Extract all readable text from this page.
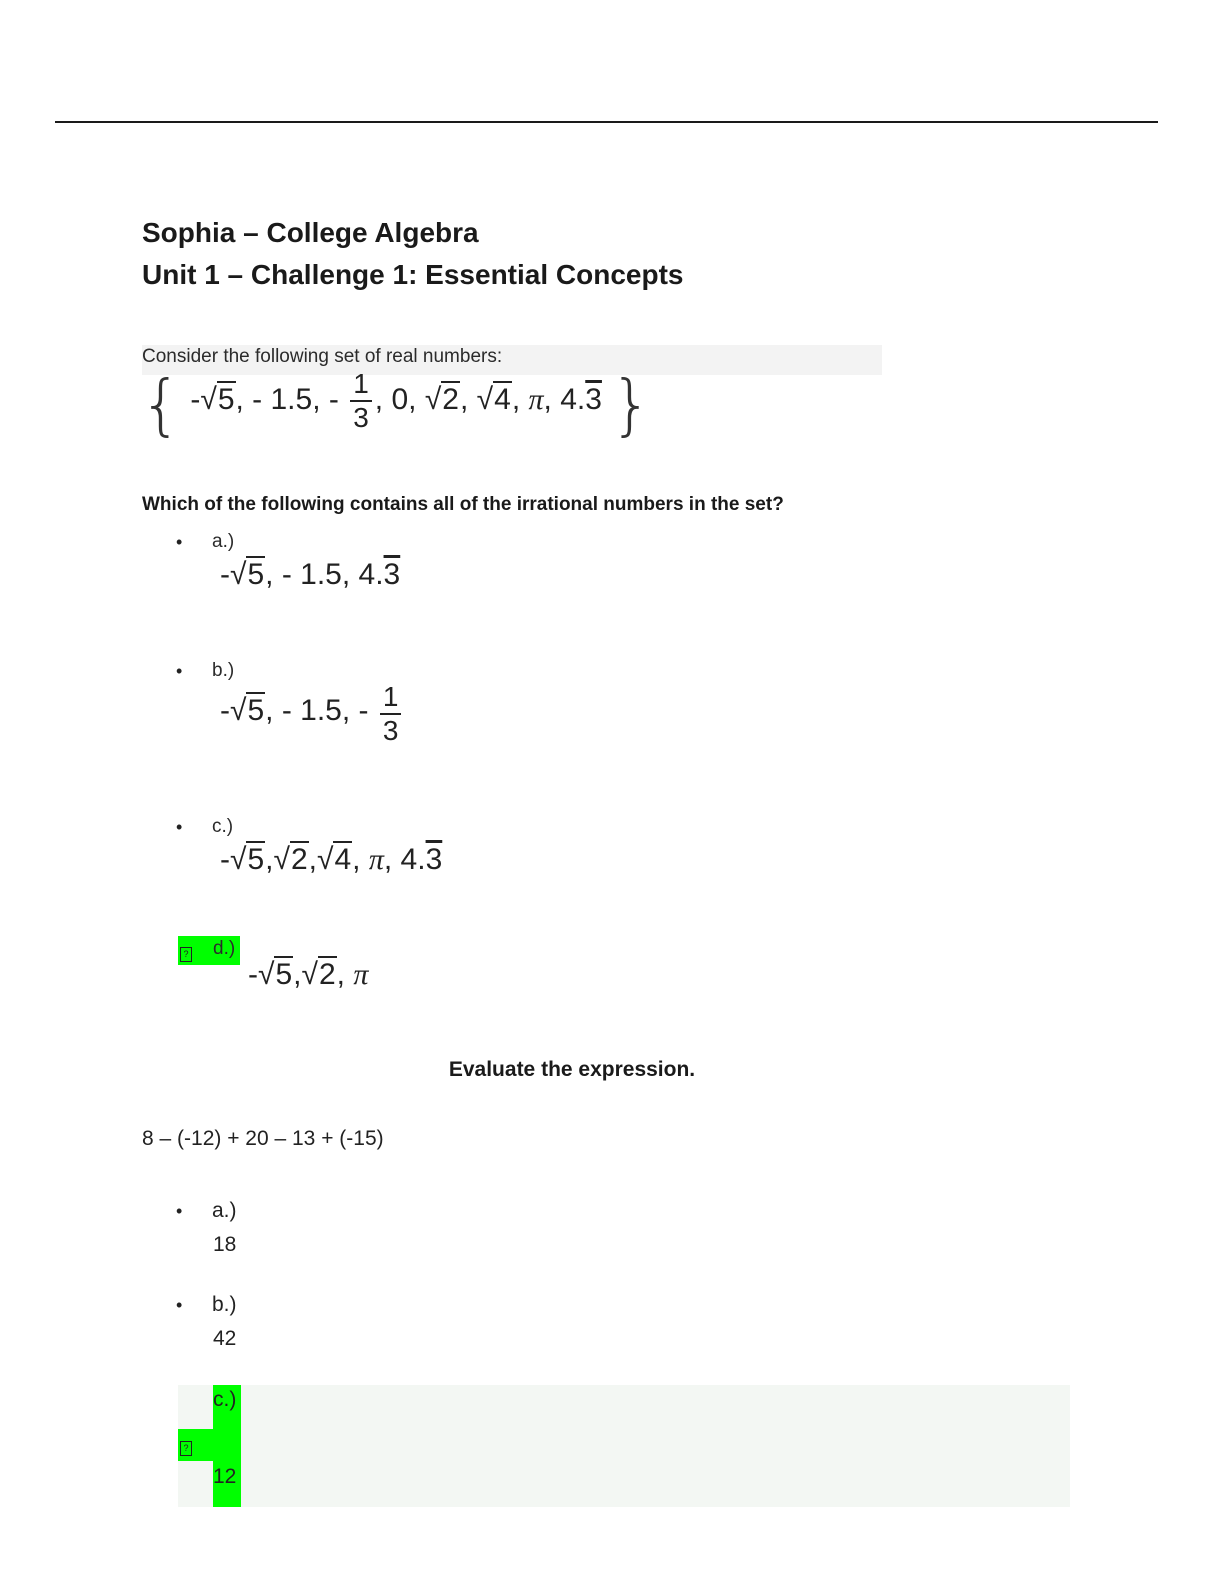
Sophia – College Algebra
Unit 1 – Challenge 1: Essential Concepts
Consider the following set of real numbers:
{ -√5, - 1.5, - $\frac{1}{3}$ , 0, √2, √4, π, 4.3 }
Which of the following contains all of the irrational numbers in the set?
• a.)
-√5, - 1.5, 4.3
• b.)
-√5, - 1.5, - $\frac{1}{3}$
• c.)
-√5,√2,√4, π, 4.3
? d.)
-√5,√2, π
Evaluate the expression.
8 – (-12) + 20 – 13 + (-15)
• a.)
18
• b.)
42
?
c.)
12
